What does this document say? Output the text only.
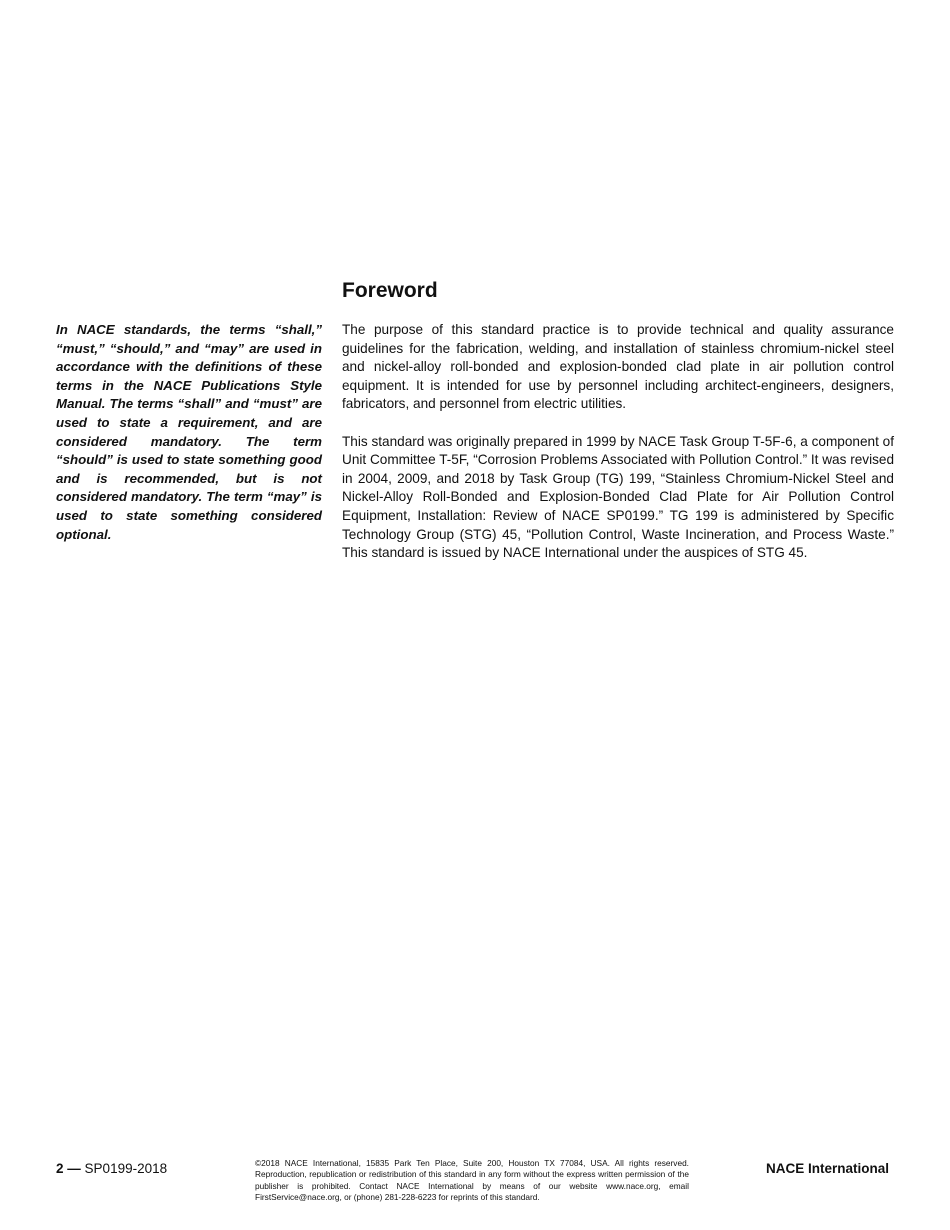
Foreword

In NACE standards, the terms “shall,” “must,” “should,” and “may” are used in accordance with the definitions of these terms in the NACE Publications Style Manual. The terms “shall” and “must” are used to state a requirement, and are considered mandatory. The term “should” is used to state something good and is recommended, but is not considered mandatory. The term “may” is used to state something considered optional.

The purpose of this standard practice is to provide technical and quality assurance guidelines for the fabrication, welding, and installation of stainless chromium-nickel steel and nickel-alloy roll-bonded and explosion-bonded clad plate in air pollution control equipment. It is intended for use by personnel including architect-engineers, designers, fabricators, and personnel from electric utilities.

This standard was originally prepared in 1999 by NACE Task Group T-5F-6, a component of Unit Committee T-5F, “Corrosion Problems Associated with Pollution Control.” It was revised in 2004, 2009, and 2018 by Task Group (TG) 199, “Stainless Chromium-Nickel Steel and Nickel-Alloy Roll-Bonded and Explosion-Bonded Clad Plate for Air Pollution Control Equipment, Installation: Review of NACE SP0199.” TG 199 is administered by Specific Technology Group (STG) 45, “Pollution Control, Waste Incineration, and Process Waste.” This standard is issued by NACE International under the auspices of STG 45.

2 — SP0199-2018	©2018 NACE International, 15835 Park Ten Place, Suite 200, Houston TX 77084, USA. All rights reserved. Reproduction, republication or redistribution of this standard in any form without the express written permission of the publisher is prohibited. Contact NACE International by means of our website www.nace.org, email FirstService@nace.org, or (phone) 281-228-6223 for reprints of this standard.
NACE International
